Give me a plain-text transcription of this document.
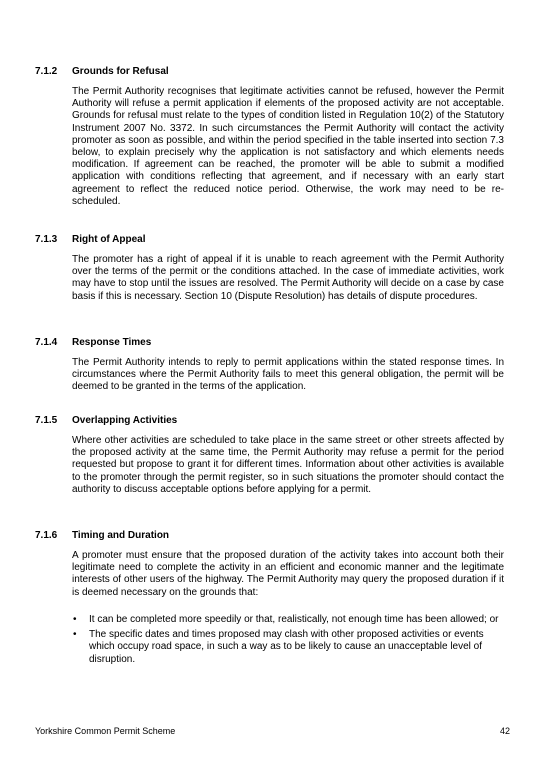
7.1.2 Grounds for Refusal

The Permit Authority recognises that legitimate activities cannot be refused, however the Permit Authority will refuse a permit application if elements of the proposed activity are not acceptable. Grounds for refusal must relate to the types of condition listed in Regulation 10(2) of the Statutory Instrument 2007 No. 3372. In such circumstances the Permit Authority will contact the activity promoter as soon as possible, and within the period specified in the table inserted into section 7.3 below, to explain precisely why the application is not satisfactory and which elements needs modification. If agreement can be reached, the promoter will be able to submit a modified application with conditions reflecting that agreement, and if necessary with an early start agreement to reflect the reduced notice period. Otherwise, the work may need to be re-scheduled.

7.1.3 Right of Appeal

The promoter has a right of appeal if it is unable to reach agreement with the Permit Authority over the terms of the permit or the conditions attached. In the case of immediate activities, work may have to stop until the issues are resolved. The Permit Authority will decide on a case by case basis if this is necessary. Section 10 (Dispute Resolution) has details of dispute procedures.

7.1.4 Response Times

The Permit Authority intends to reply to permit applications within the stated response times. In circumstances where the Permit Authority fails to meet this general obligation, the permit will be deemed to be granted in the terms of the application.

7.1.5 Overlapping Activities

Where other activities are scheduled to take place in the same street or other streets affected by the proposed activity at the same time, the Permit Authority may refuse a permit for the period requested but propose to grant it for different times. Information about other activities is available to the promoter through the permit register, so in such situations the promoter should contact the authority to discuss acceptable options before applying for a permit.

7.1.6 Timing and Duration

A promoter must ensure that the proposed duration of the activity takes into account both their legitimate need to complete the activity in an efficient and economic manner and the legitimate interests of other users of the highway. The Permit Authority may query the proposed duration if it is deemed necessary on the grounds that:

• It can be completed more speedily or that, realistically, not enough time has been allowed; or
• The specific dates and times proposed may clash with other proposed activities or events which occupy road space, in such a way as to be likely to cause an unacceptable level of disruption.
Yorkshire Common Permit Scheme	42
